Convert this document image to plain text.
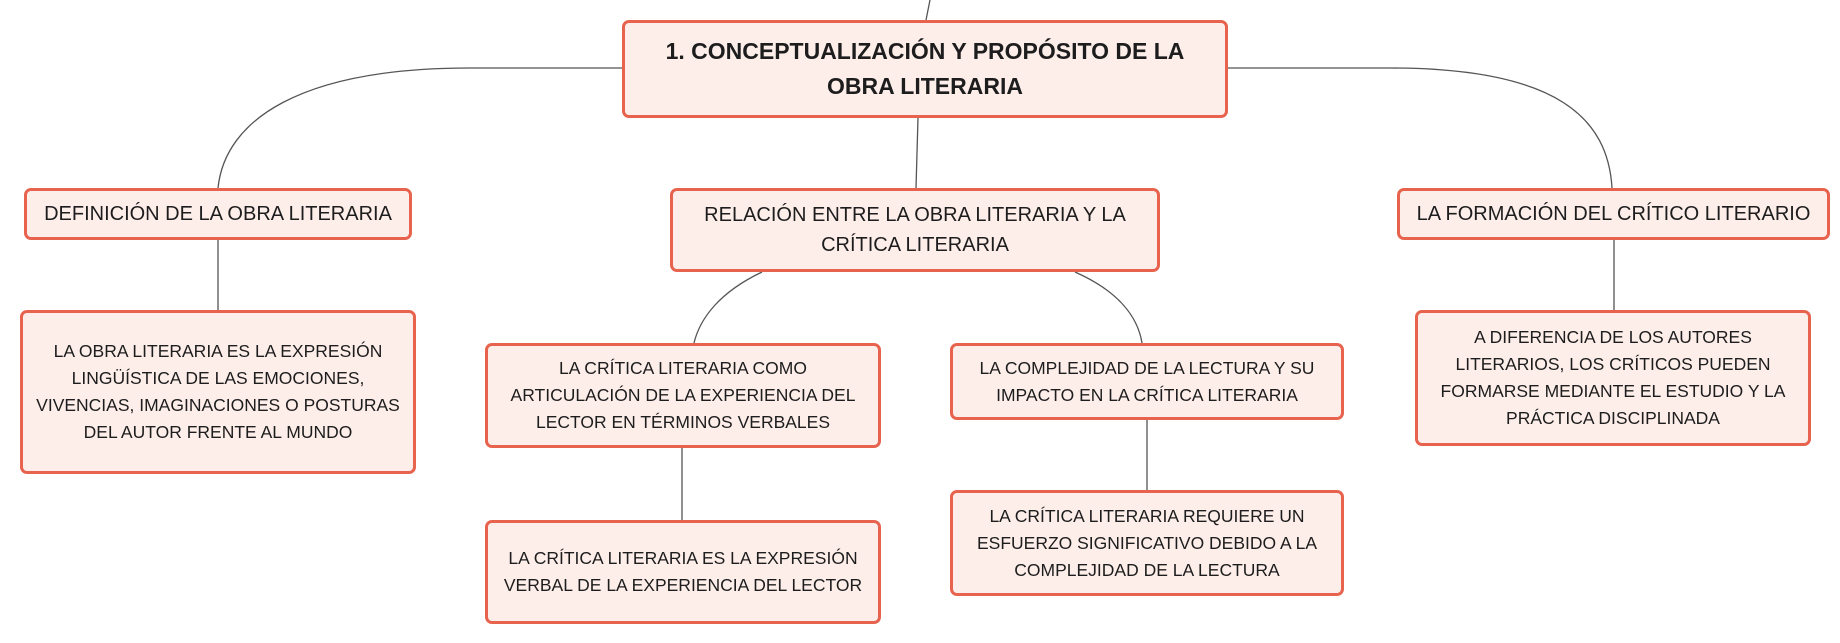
1. CONCEPTUALIZACIÓN Y PROPÓSITO DE LA OBRA LITERARIA
DEFINICIÓN DE LA OBRA LITERARIA	RELACIÓN ENTRE LA OBRA LITERARIA Y LA CRÍTICA LITERARIA
LA FORMACIÓN DEL CRÍTICO LITERARIO
LA OBRA LITERARIA ES LA EXPRESIÓN LINGÜÍSTICA DE LAS EMOCIONES, VIVENCIAS, IMAGINACIONES O POSTURAS DEL AUTOR FRENTE AL MUNDO
LA CRÍTICA LITERARIA COMO ARTICULACIÓN DE LA EXPERIENCIA DEL LECTOR EN TÉRMINOS VERBALES
LA COMPLEJIDAD DE LA LECTURA Y SU IMPACTO EN LA CRÍTICA LITERARIA
A DIFERENCIA DE LOS AUTORES LITERARIOS, LOS CRÍTICOS PUEDEN FORMARSE MEDIANTE EL ESTUDIO Y LA PRÁCTICA DISCIPLINADA
LA CRÍTICA LITERARIA ES LA EXPRESIÓN VERBAL DE LA EXPERIENCIA DEL LECTOR
LA CRÍTICA LITERARIA REQUIERE UN ESFUERZO SIGNIFICATIVO DEBIDO A LA COMPLEJIDAD DE LA LECTURA
